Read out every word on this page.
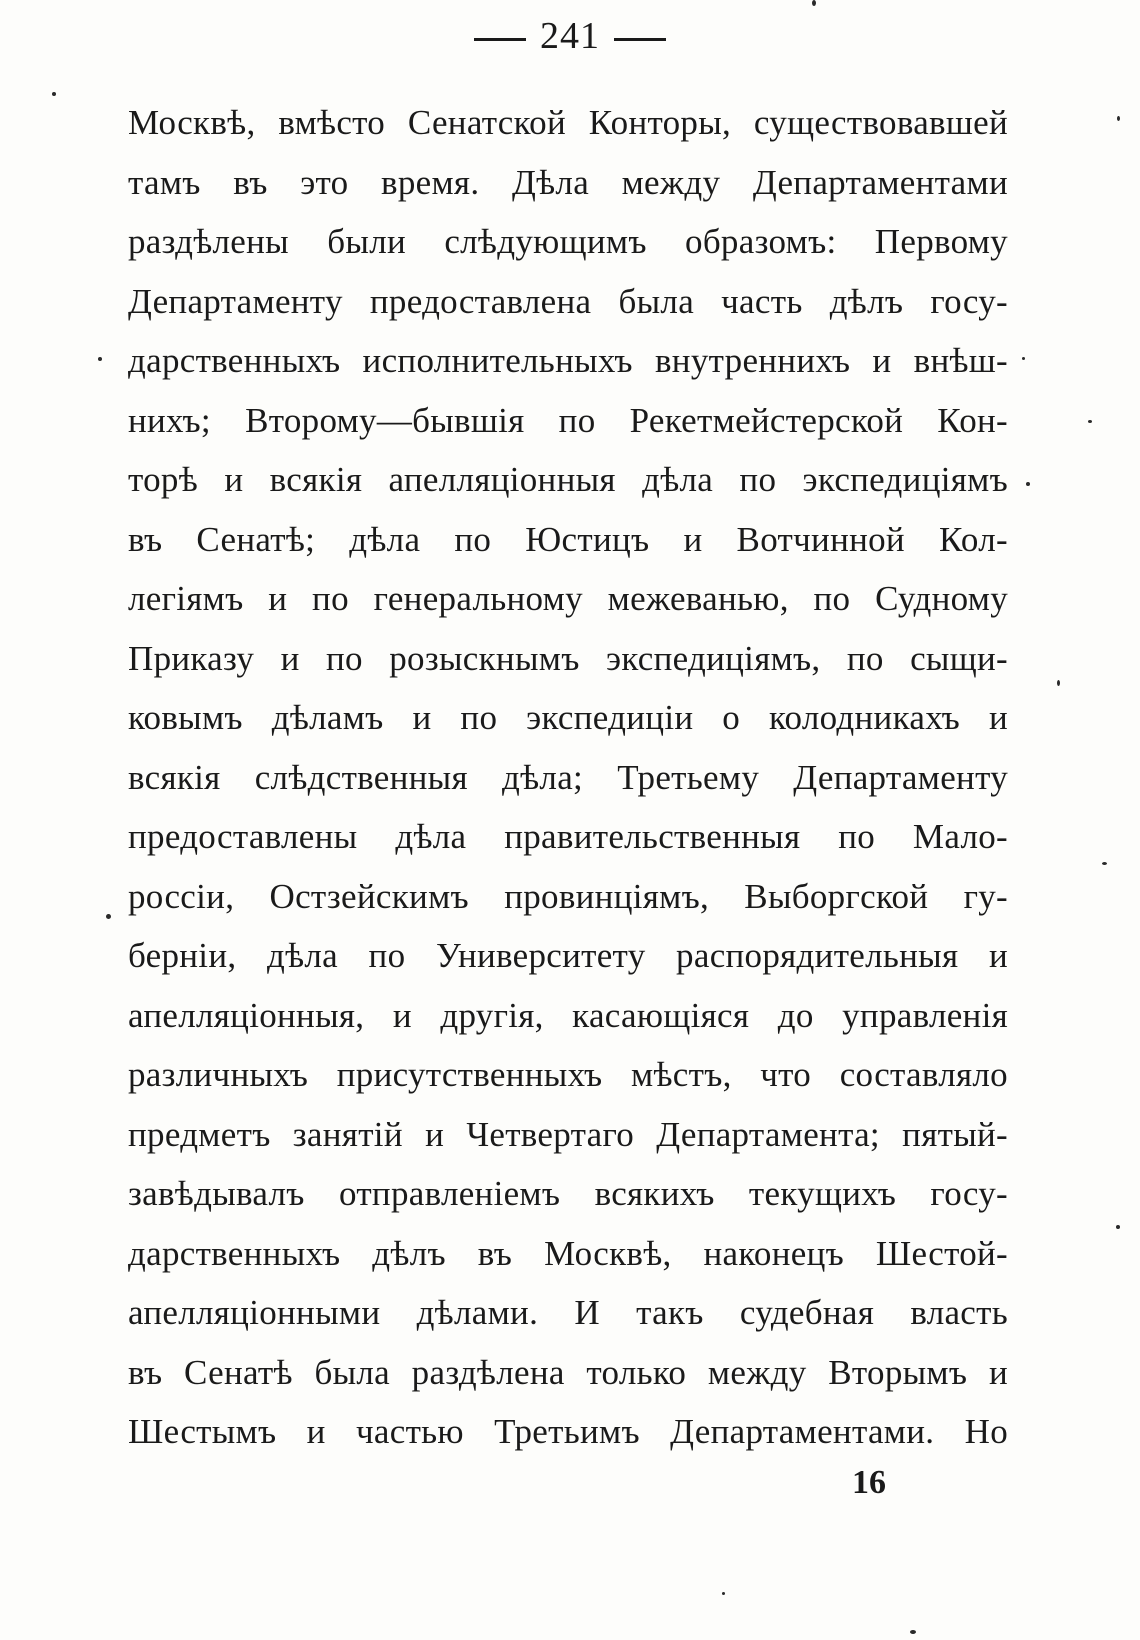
241
Москвѣ, вмѣсто Сенатской Конторы, существовавшей
тамъ въ это время. Дѣла между Департаментами
раздѣлены были слѣдующимъ образомъ: Первому
Департаменту предоставлена была часть дѣлъ госу-
дарственныхъ исполнительныхъ внутреннихъ и внѣш-
нихъ; Второму—бывшія по Рекетмейстерской Кон-
торѣ и всякія апелляціонныя дѣла по экспедиціямъ
въ Сенатѣ; дѣла по Юстицъ и Вотчинной Кол-
легіямъ и по генеральному межеванью, по Судному
Приказу и по розыскнымъ экспедиціямъ, по сыщи-
ковымъ дѣламъ и по экспедиціи о колодникахъ и
всякія слѣдственныя дѣла; Третьему Департаменту
предоставлены дѣла правительственныя по Мало-
россіи, Остзейскимъ провинціямъ, Выборгской гу-
берніи, дѣла по Университету распорядительныя и
апелляціонныя, и другія, касающіяся до управленія
различныхъ присутственныхъ мѣстъ, что составляло
предметъ занятій и Четвертаго Департамента; пятый-
завѣдывалъ отправленіемъ всякихъ текущихъ госу-
дарственныхъ дѣлъ въ Москвѣ, наконецъ Шестой-
апелляціонными дѣлами. И такъ судебная власть
въ Сенатѣ была раздѣлена только между Вторымъ и
Шестымъ и частью Третьимъ Департаментами. Но
16
